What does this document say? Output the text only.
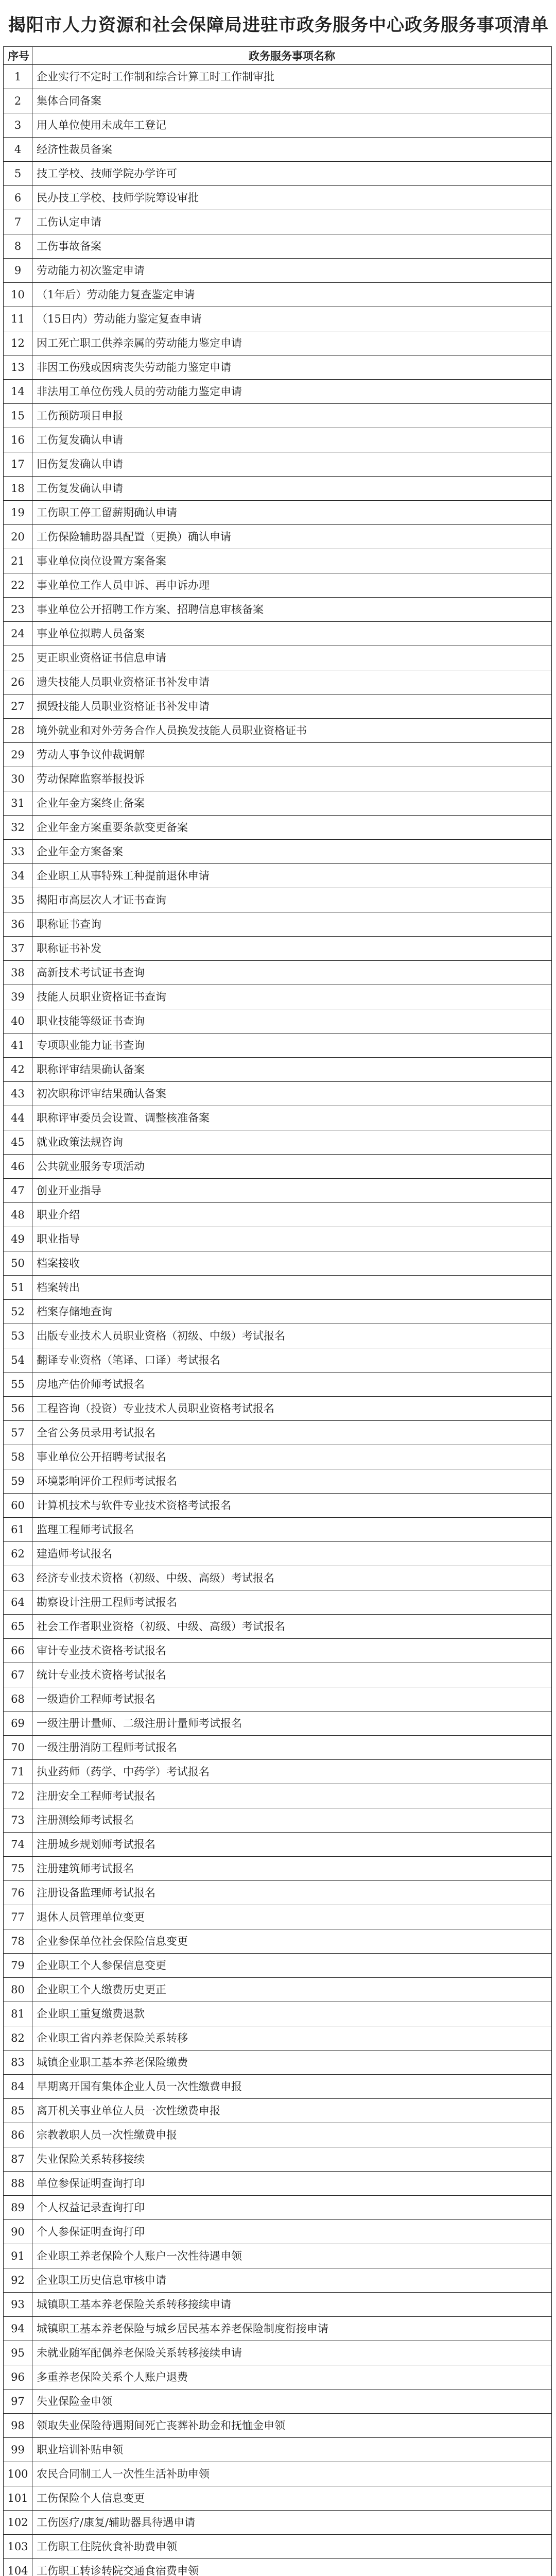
揭阳市人力资源和社会保障局进驻市政务服务中心政务服务事项清单
序号	政务服务事项名称
1	企业实行不定时工作制和综合计算工时工作制审批
2	集体合同备案
3	用人单位使用未成年工登记
4	经济性裁员备案
5	技工学校、技师学院办学许可
6	民办技工学校、技师学院筹设审批
7	工伤认定申请
8	工伤事故备案
9	劳动能力初次鉴定申请
10	（1年后）劳动能力复查鉴定申请
11	（15日内）劳动能力鉴定复查申请
12	因工死亡职工供养亲属的劳动能力鉴定申请
13	非因工伤残或因病丧失劳动能力鉴定申请
14	非法用工单位伤残人员的劳动能力鉴定申请
15	工伤预防项目申报
16	工伤复发确认申请
17	旧伤复发确认申请
18	工伤复发确认申请
19	工伤职工停工留薪期确认申请
20	工伤保险辅助器具配置（更换）确认申请
21	事业单位岗位设置方案备案
22	事业单位工作人员申诉、再申诉办理
23	事业单位公开招聘工作方案、招聘信息审核备案
24	事业单位拟聘人员备案
25	更正职业资格证书信息申请
26	遗失技能人员职业资格证书补发申请
27	损毁技能人员职业资格证书补发申请
28	境外就业和对外劳务合作人员换发技能人员职业资格证书
29	劳动人事争议仲裁调解
30	劳动保障监察举报投诉
31	企业年金方案终止备案
32	企业年金方案重要条款变更备案
33	企业年金方案备案
34	企业职工从事特殊工种提前退休申请
35	揭阳市高层次人才证书查询
36	职称证书查询
37	职称证书补发
38	高新技术考试证书查询
39	技能人员职业资格证书查询
40	职业技能等级证书查询
41	专项职业能力证书查询
42	职称评审结果确认备案
43	初次职称评审结果确认备案
44	职称评审委员会设置、调整核准备案
45	就业政策法规咨询
46	公共就业服务专项活动
47	创业开业指导
48	职业介绍
49	职业指导
50	档案接收
51	档案转出
52	档案存储地查询
53	出版专业技术人员职业资格（初级、中级）考试报名
54	翻译专业资格（笔译、口译）考试报名
55	房地产估价师考试报名
56	工程咨询（投资）专业技术人员职业资格考试报名
57	全省公务员录用考试报名
58	事业单位公开招聘考试报名
59	环境影响评价工程师考试报名
60	计算机技术与软件专业技术资格考试报名
61	监理工程师考试报名
62	建造师考试报名
63	经济专业技术资格（初级、中级、高级）考试报名
64	勘察设计注册工程师考试报名
65	社会工作者职业资格（初级、中级、高级）考试报名
66	审计专业技术资格考试报名
67	统计专业技术资格考试报名
68	一级造价工程师考试报名
69	一级注册计量师、二级注册计量师考试报名
70	一级注册消防工程师考试报名
71	执业药师（药学、中药学）考试报名
72	注册安全工程师考试报名
73	注册测绘师考试报名
74	注册城乡规划师考试报名
75	注册建筑师考试报名
76	注册设备监理师考试报名
77	退休人员管理单位变更
78	企业参保单位社会保险信息变更
79	企业职工个人参保信息变更
80	企业职工个人缴费历史更正
81	企业职工重复缴费退款
82	企业职工省内养老保险关系转移
83	城镇企业职工基本养老保险缴费
84	早期离开国有集体企业人员一次性缴费申报
85	离开机关事业单位人员一次性缴费申报
86	宗教教职人员一次性缴费申报
87	失业保险关系转移接续
88	单位参保证明查询打印
89	个人权益记录查询打印
90	个人参保证明查询打印
91	企业职工养老保险个人账户一次性待遇申领
92	企业职工历史信息审核申请
93	城镇职工基本养老保险关系转移接续申请
94	城镇职工基本养老保险与城乡居民基本养老保险制度衔接申请
95	未就业随军配偶养老保险关系转移接续申请
96	多重养老保险关系个人账户退费
97	失业保险金申领
98	领取失业保险待遇期间死亡丧葬补助金和抚恤金申领
99	职业培训补贴申领
100	农民合同制工人一次性生活补助申领
101	工伤保险个人信息变更
102	工伤医疗/康复/辅助器具待遇申请
103	工伤职工住院伙食补助费申领
104	工伤职工转诊转院交通食宿费申领
